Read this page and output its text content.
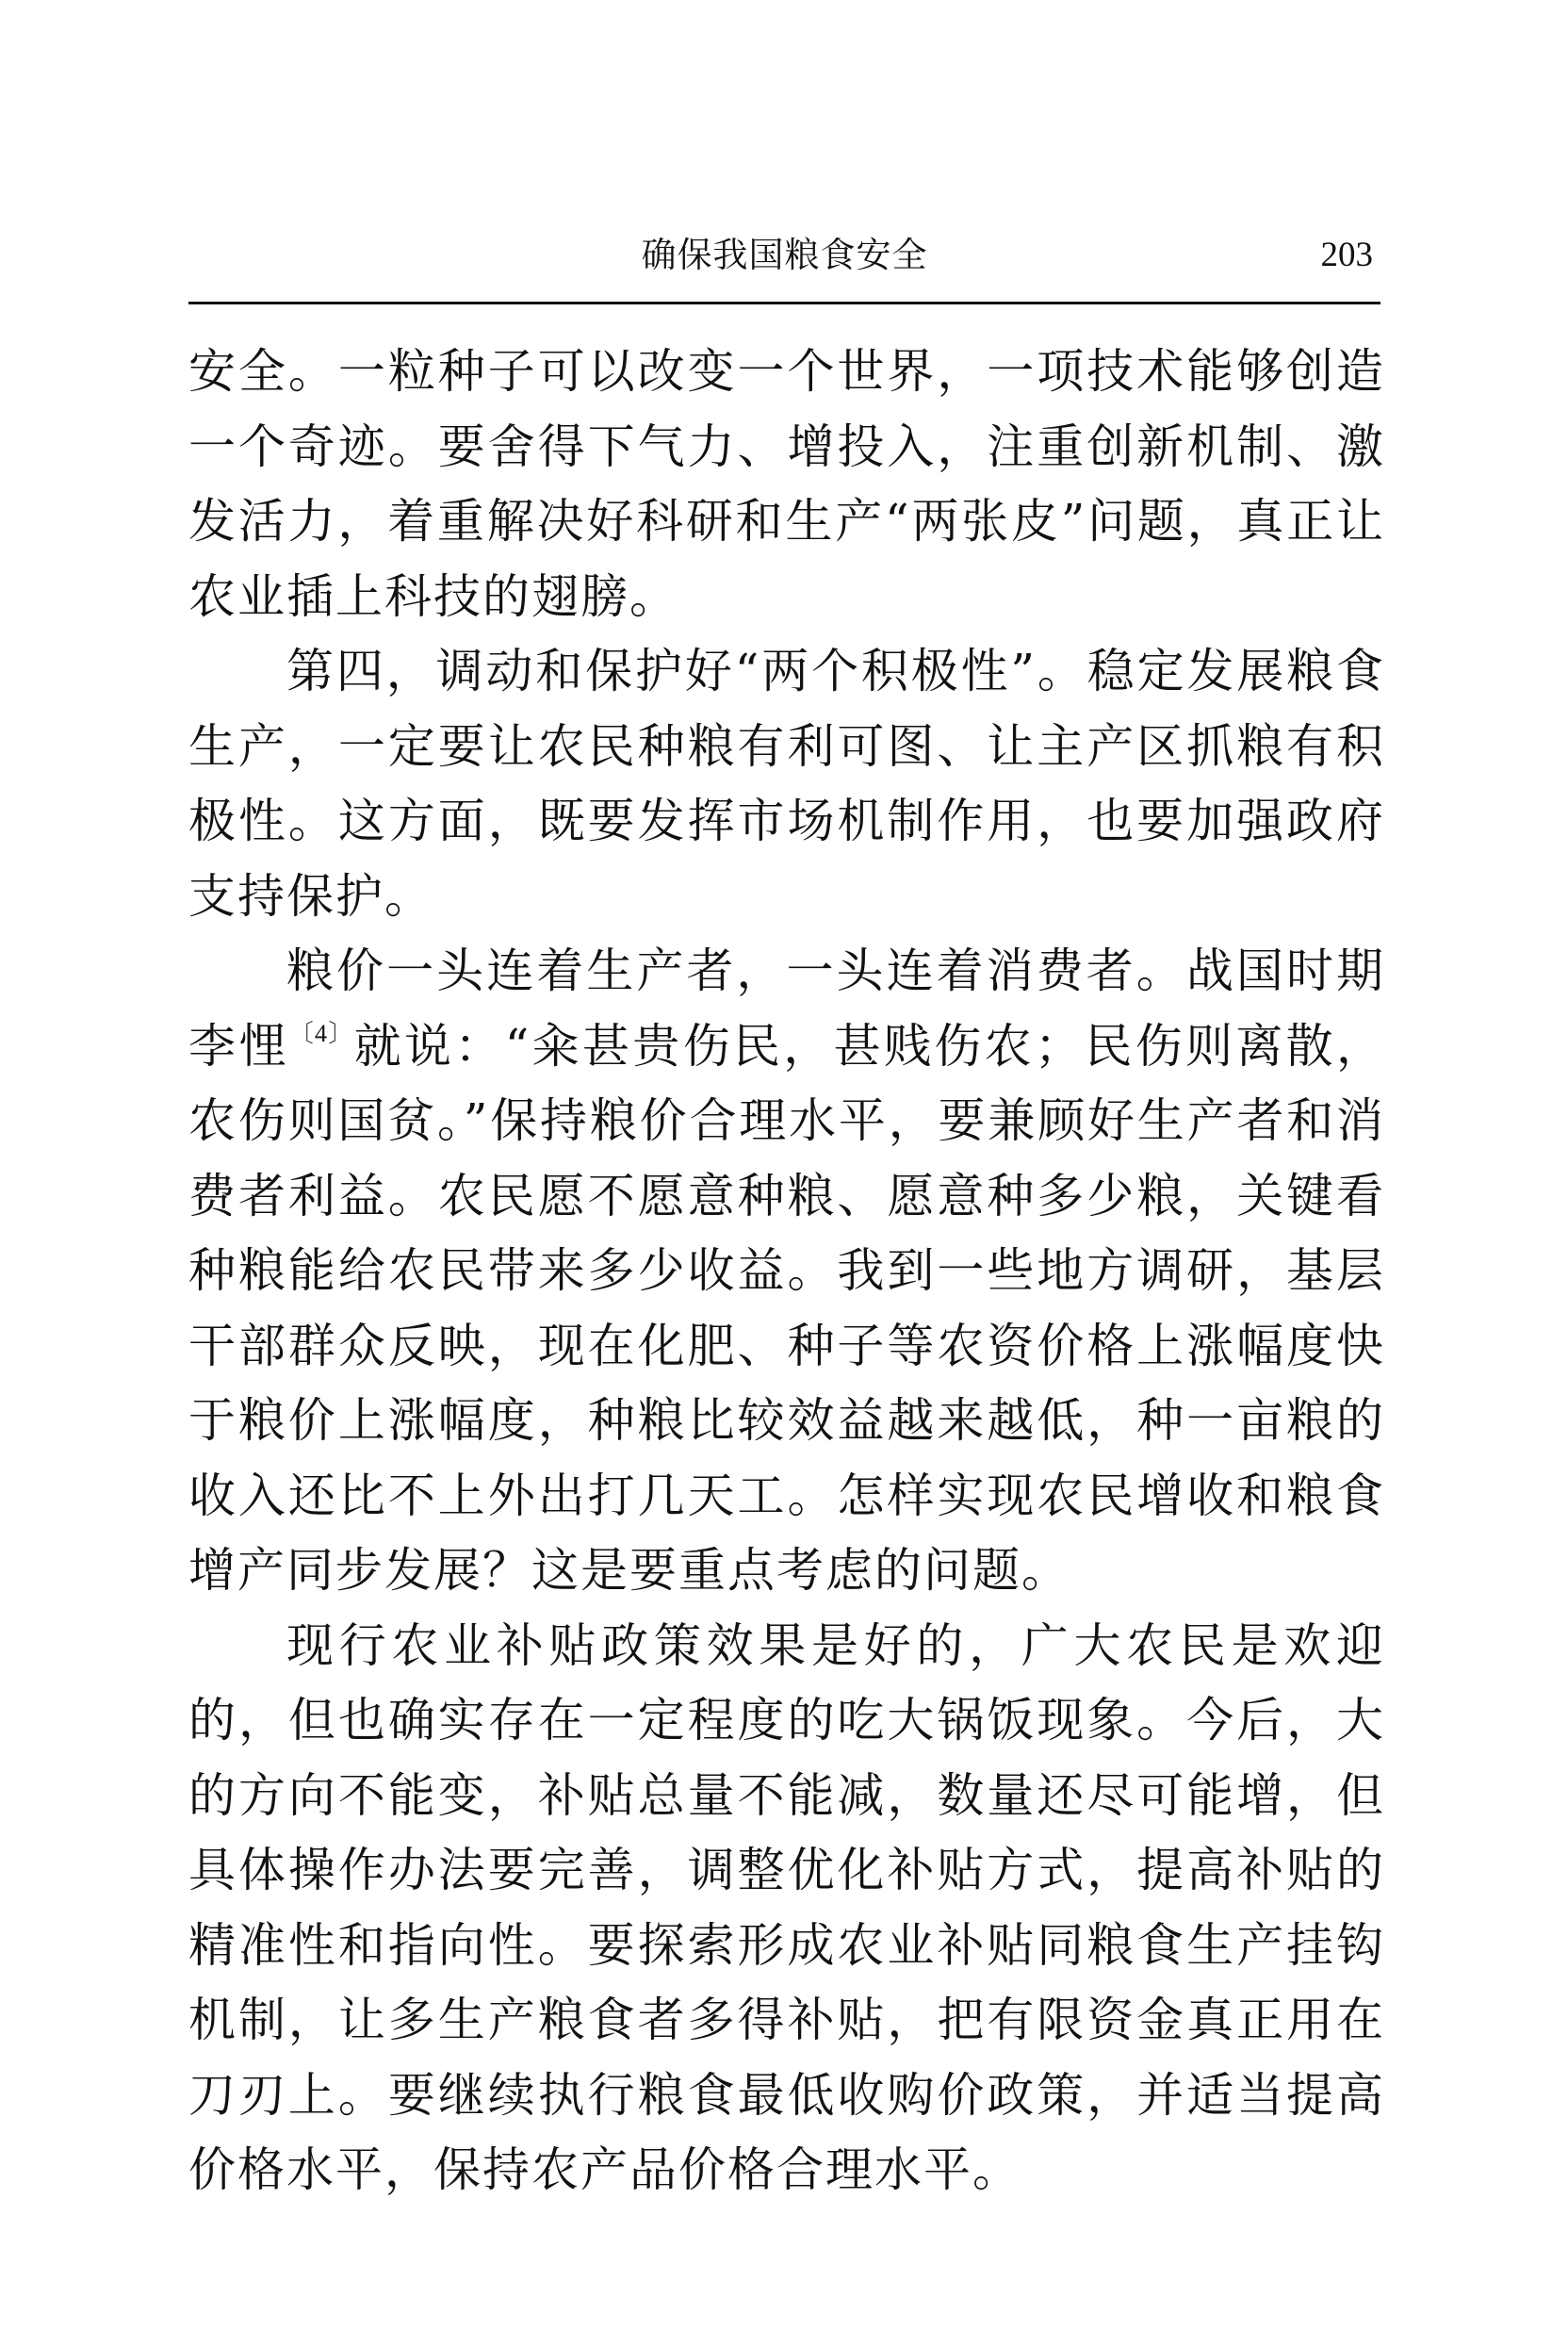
确保我国粮食安全	203

安全。一粒种子可以改变一个世界，一项技术能够创造一个奇迹。要舍得下气力、增投入，注重创新机制、激发活力，着重解决好科研和生产“两张皮”问题，真正让农业插上科技的翅膀。

第四，调动和保护好“两个积极性”。稳定发展粮食生产，一定要让农民种粮有利可图、让主产区抓粮有积极性。这方面，既要发挥市场机制作用，也要加强政府支持保护。

粮价一头连着生产者，一头连着消费者。战国时期李悝$^{〔4〕}$就说：“籴甚贵伤民，甚贱伤农；民伤则离散，农伤则国贫。”保持粮价合理水平，要兼顾好生产者和消费者利益。农民愿不愿意种粮、愿意种多少粮，关键看种粮能给农民带来多少收益。我到一些地方调研，基层干部群众反映，现在化肥、种子等农资价格上涨幅度快于粮价上涨幅度，种粮比较效益越来越低，种一亩粮的收入还比不上外出打几天工。怎样实现农民增收和粮食增产同步发展？这是要重点考虑的问题。

现行农业补贴政策效果是好的，广大农民是欢迎的，但也确实存在一定程度的吃大锅饭现象。今后，大的方向不能变，补贴总量不能减，数量还尽可能增，但具体操作办法要完善，调整优化补贴方式，提高补贴的精准性和指向性。要探索形成农业补贴同粮食生产挂钩机制，让多生产粮食者多得补贴，把有限资金真正用在刀刃上。要继续执行粮食最低收购价政策，并适当提高价格水平，保持农产品价格合理水平。
